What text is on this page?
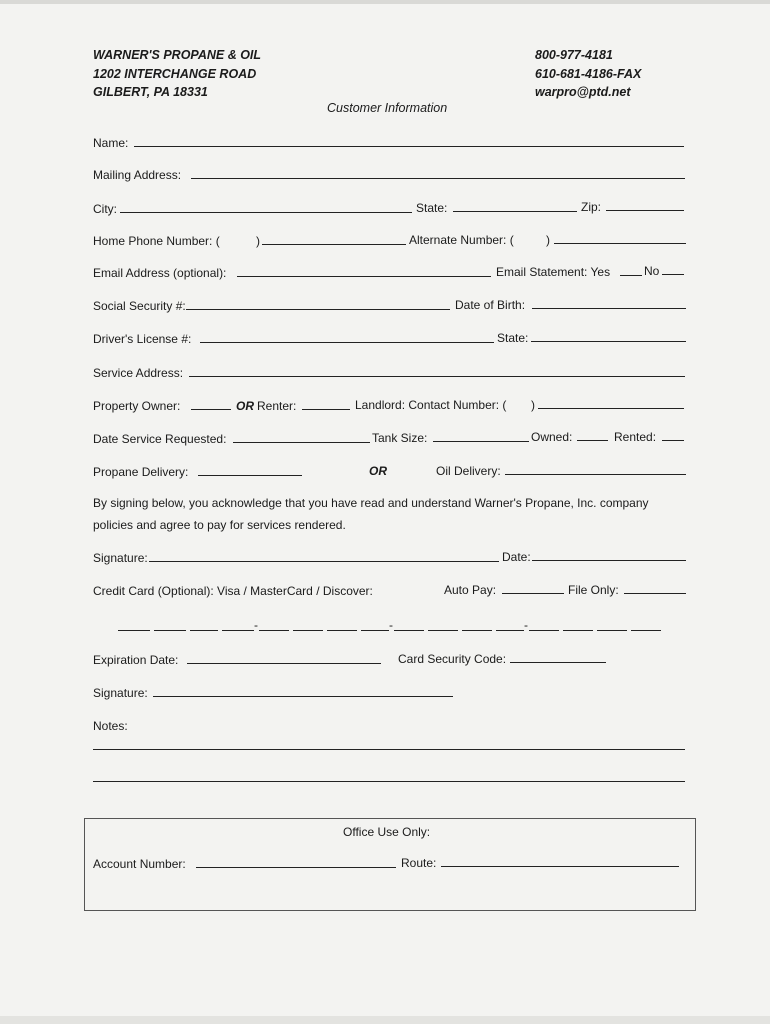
WARNER'S PROPANE & OIL
1202 INTERCHANGE ROAD
GILBERT, PA 18331
800-977-4181
610-681-4186-FAX
warpro@ptd.net
Customer Information
Name:
Mailing Address:
City:	State:	Zip:
Home Phone Number: (	)	Alternate Number: (	)
Email Address (optional):	Email Statement: Yes	No
Social Security #:	Date of Birth:
Driver's License #:	State:
Service Address:
Property Owner:	OR Renter:	Landlord: Contact Number: ( )
Date Service Requested:	Tank Size:	Owned:	Rented:
Propane Delivery:	OR	Oil Delivery:
By signing below, you acknowledge that you have read and understand Warner's Propane, Inc. company
policies and agree to pay for services rendered.
Signature:	Date:
Credit Card (Optional): Visa / MasterCard / Discover:	Auto Pay:	File Only:
-	-	-
Expiration Date:	Card Security Code:
Signature:
Notes:
Office Use Only:
Account Number:	Route:
